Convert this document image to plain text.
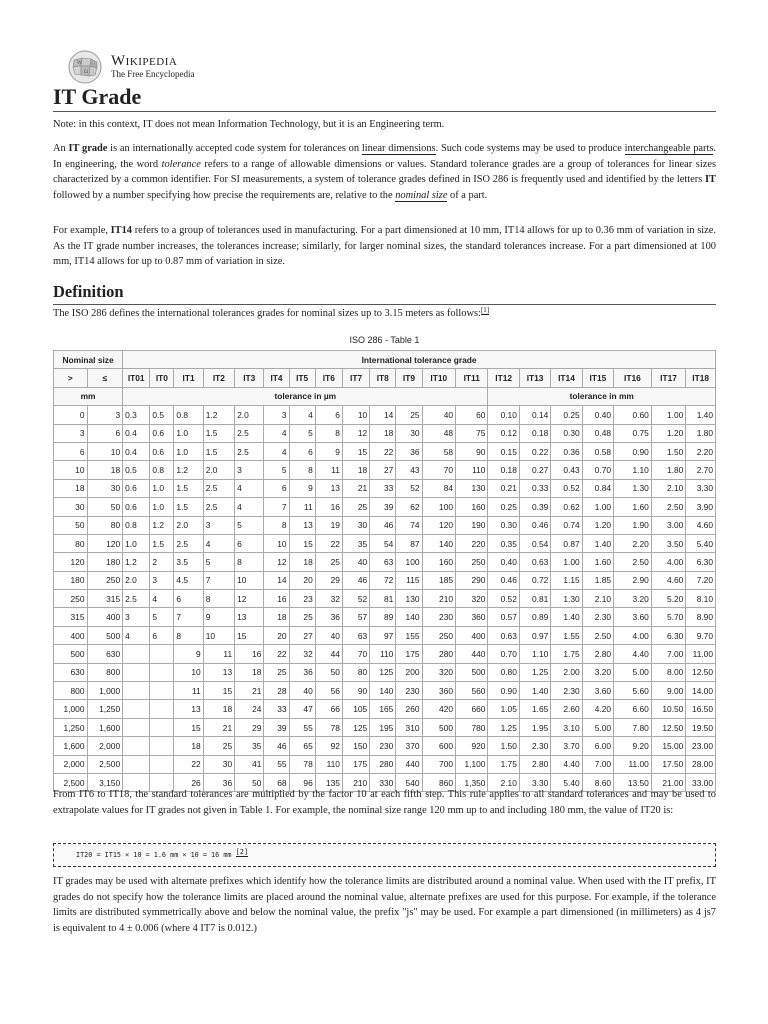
W
Ω
Wikipedia
The Free Encyclopedia
IT Grade

Note: in this context, IT does not mean Information Technology, but it is an Engineering term.

An IT grade is an internationally accepted code system for tolerances on linear dimensions. Such code systems may be used to produce interchangeable parts. In engineering, the word tolerance refers to a range of allowable dimensions or values. Standard tolerance grades are a group of tolerances for linear sizes characterized by a common identifier. For SI measurements, a system of tolerance grades defined in ISO 286 is frequently used and identified by the letters IT followed by a number specifying how precise the requirements are, relative to the nominal size of a part.

For example, IT14 refers to a group of tolerances used in manufacturing. For a part dimensioned at 10 mm, IT14 allows for up to 0.36 mm of variation in size. As the IT grade number increases, the tolerances increase; similarly, for larger nominal sizes, the standard tolerances increase. For a part dimensioned at 100 mm, IT14 allows for up to 0.87 mm of variation in size.

Definition

The ISO 286 defines the international tolerances grades for nominal sizes up to 3.15 meters as follows:[1]

ISO 286 - Table 1
Nominal size		International tolerance grade																			
>	≤	IT01	IT0	IT1	IT2	IT3	IT4	IT5	IT6	IT7	IT8	IT9	IT10	IT11	IT12	IT13	IT14	IT15	IT16	IT17	IT18
mm		tolerance in µm													tolerance in mm						
0	3	0.3	0.5	0.8	1.2	2.0	3	4	6	10	14	25	40	60	0.10	0.14	0.25	0.40	0.60	1.00	1.40
3	6	0.4	0.6	1.0	1.5	2.5	4	5	8	12	18	30	48	75	0.12	0.18	0.30	0.48	0.75	1.20	1.80
6	10	0.4	0.6	1.0	1.5	2.5	4	6	9	15	22	36	58	90	0.15	0.22	0.36	0.58	0.90	1.50	2.20
10	18	0.5	0.8	1.2	2.0	3	5	8	11	18	27	43	70	110	0.18	0.27	0.43	0.70	1.10	1.80	2.70
18	30	0.6	1.0	1.5	2.5	4	6	9	13	21	33	52	84	130	0.21	0.33	0.52	0.84	1.30	2.10	3.30
30	50	0.6	1.0	1.5	2.5	4	7	11	16	25	39	62	100	160	0.25	0.39	0.62	1.00	1.60	2.50	3.90
50	80	0.8	1.2	2.0	3	5	8	13	19	30	46	74	120	190	0.30	0.46	0.74	1.20	1.90	3.00	4.60
80	120	1.0	1.5	2.5	4	6	10	15	22	35	54	87	140	220	0.35	0.54	0.87	1.40	2.20	3.50	5.40
120	180	1.2	2	3.5	5	8	12	18	25	40	63	100	160	250	0.40	0.63	1.00	1.60	2.50	4.00	6.30
180	250	2.0	3	4.5	7	10	14	20	29	46	72	115	185	290	0.46	0.72	1.15	1.85	2.90	4.60	7.20
250	315	2.5	4	6	8	12	16	23	32	52	81	130	210	320	0.52	0.81	1.30	2.10	3.20	5.20	8.10
315	400	3	5	7	9	13	18	25	36	57	89	140	230	360	0.57	0.89	1.40	2.30	3.60	5.70	8.90
400	500	4	6	8	10	15	20	27	40	63	97	155	250	400	0.63	0.97	1.55	2.50	4.00	6.30	9.70
500	630			9	11	16	22	32	44	70	110	175	280	440	0.70	1.10	1.75	2.80	4.40	7.00	11.00
630	800			10	13	18	25	36	50	80	125	200	320	500	0.80	1.25	2.00	3.20	5.00	8.00	12.50
800	1,000			11	15	21	28	40	56	90	140	230	360	560	0.90	1.40	2.30	3.60	5.60	9.00	14.00
1,000	1,250			13	18	24	33	47	66	105	165	260	420	660	1.05	1.65	2.60	4.20	6.60	10.50	16.50
1,250	1,600			15	21	29	39	55	78	125	195	310	500	780	1.25	1.95	3.10	5.00	7.80	12.50	19.50
1,600	2,000			18	25	35	46	65	92	150	230	370	600	920	1.50	2.30	3.70	6.00	9.20	15.00	23.00
2,000	2,500			22	30	41	55	78	110	175	280	440	700	1,100	1.75	2.80	4.40	7.00	11.00	17.50	28.00
2,500	3,150			26	36	50	68	96	135	210	330	540	860	1,350	2.10	3.30	5.40	8.60	13.50	21.00	33.00

From IT6 to IT18, the standard tolerances are multiplied by the factor 10 at each fifth step. This rule applies to all standard tolerances and may be used to extrapolate values for IT grades not given in Table 1. For example, the nominal size range 120 mm up to and including 180 mm, the value of IT20 is:

IT20 = IT15 × 10 = 1.6 mm × 10 = 16 mm [2]

IT grades may be used with alternate prefixes which identify how the tolerance limits are distributed around a nominal value. When used with the IT prefix, IT grades do not specify how the tolerance limits are placed around the nominal value, alternate prefixes are used for this purpose. For example, if the tolerance limits are distributed symmetrically above and below the nominal value, the prefix "js" may be used. For example a part dimensioned (in millimeters) as 4 js7 is equivalent to 4 ± 0.006 (where 4 IT7 is 0.012.)
